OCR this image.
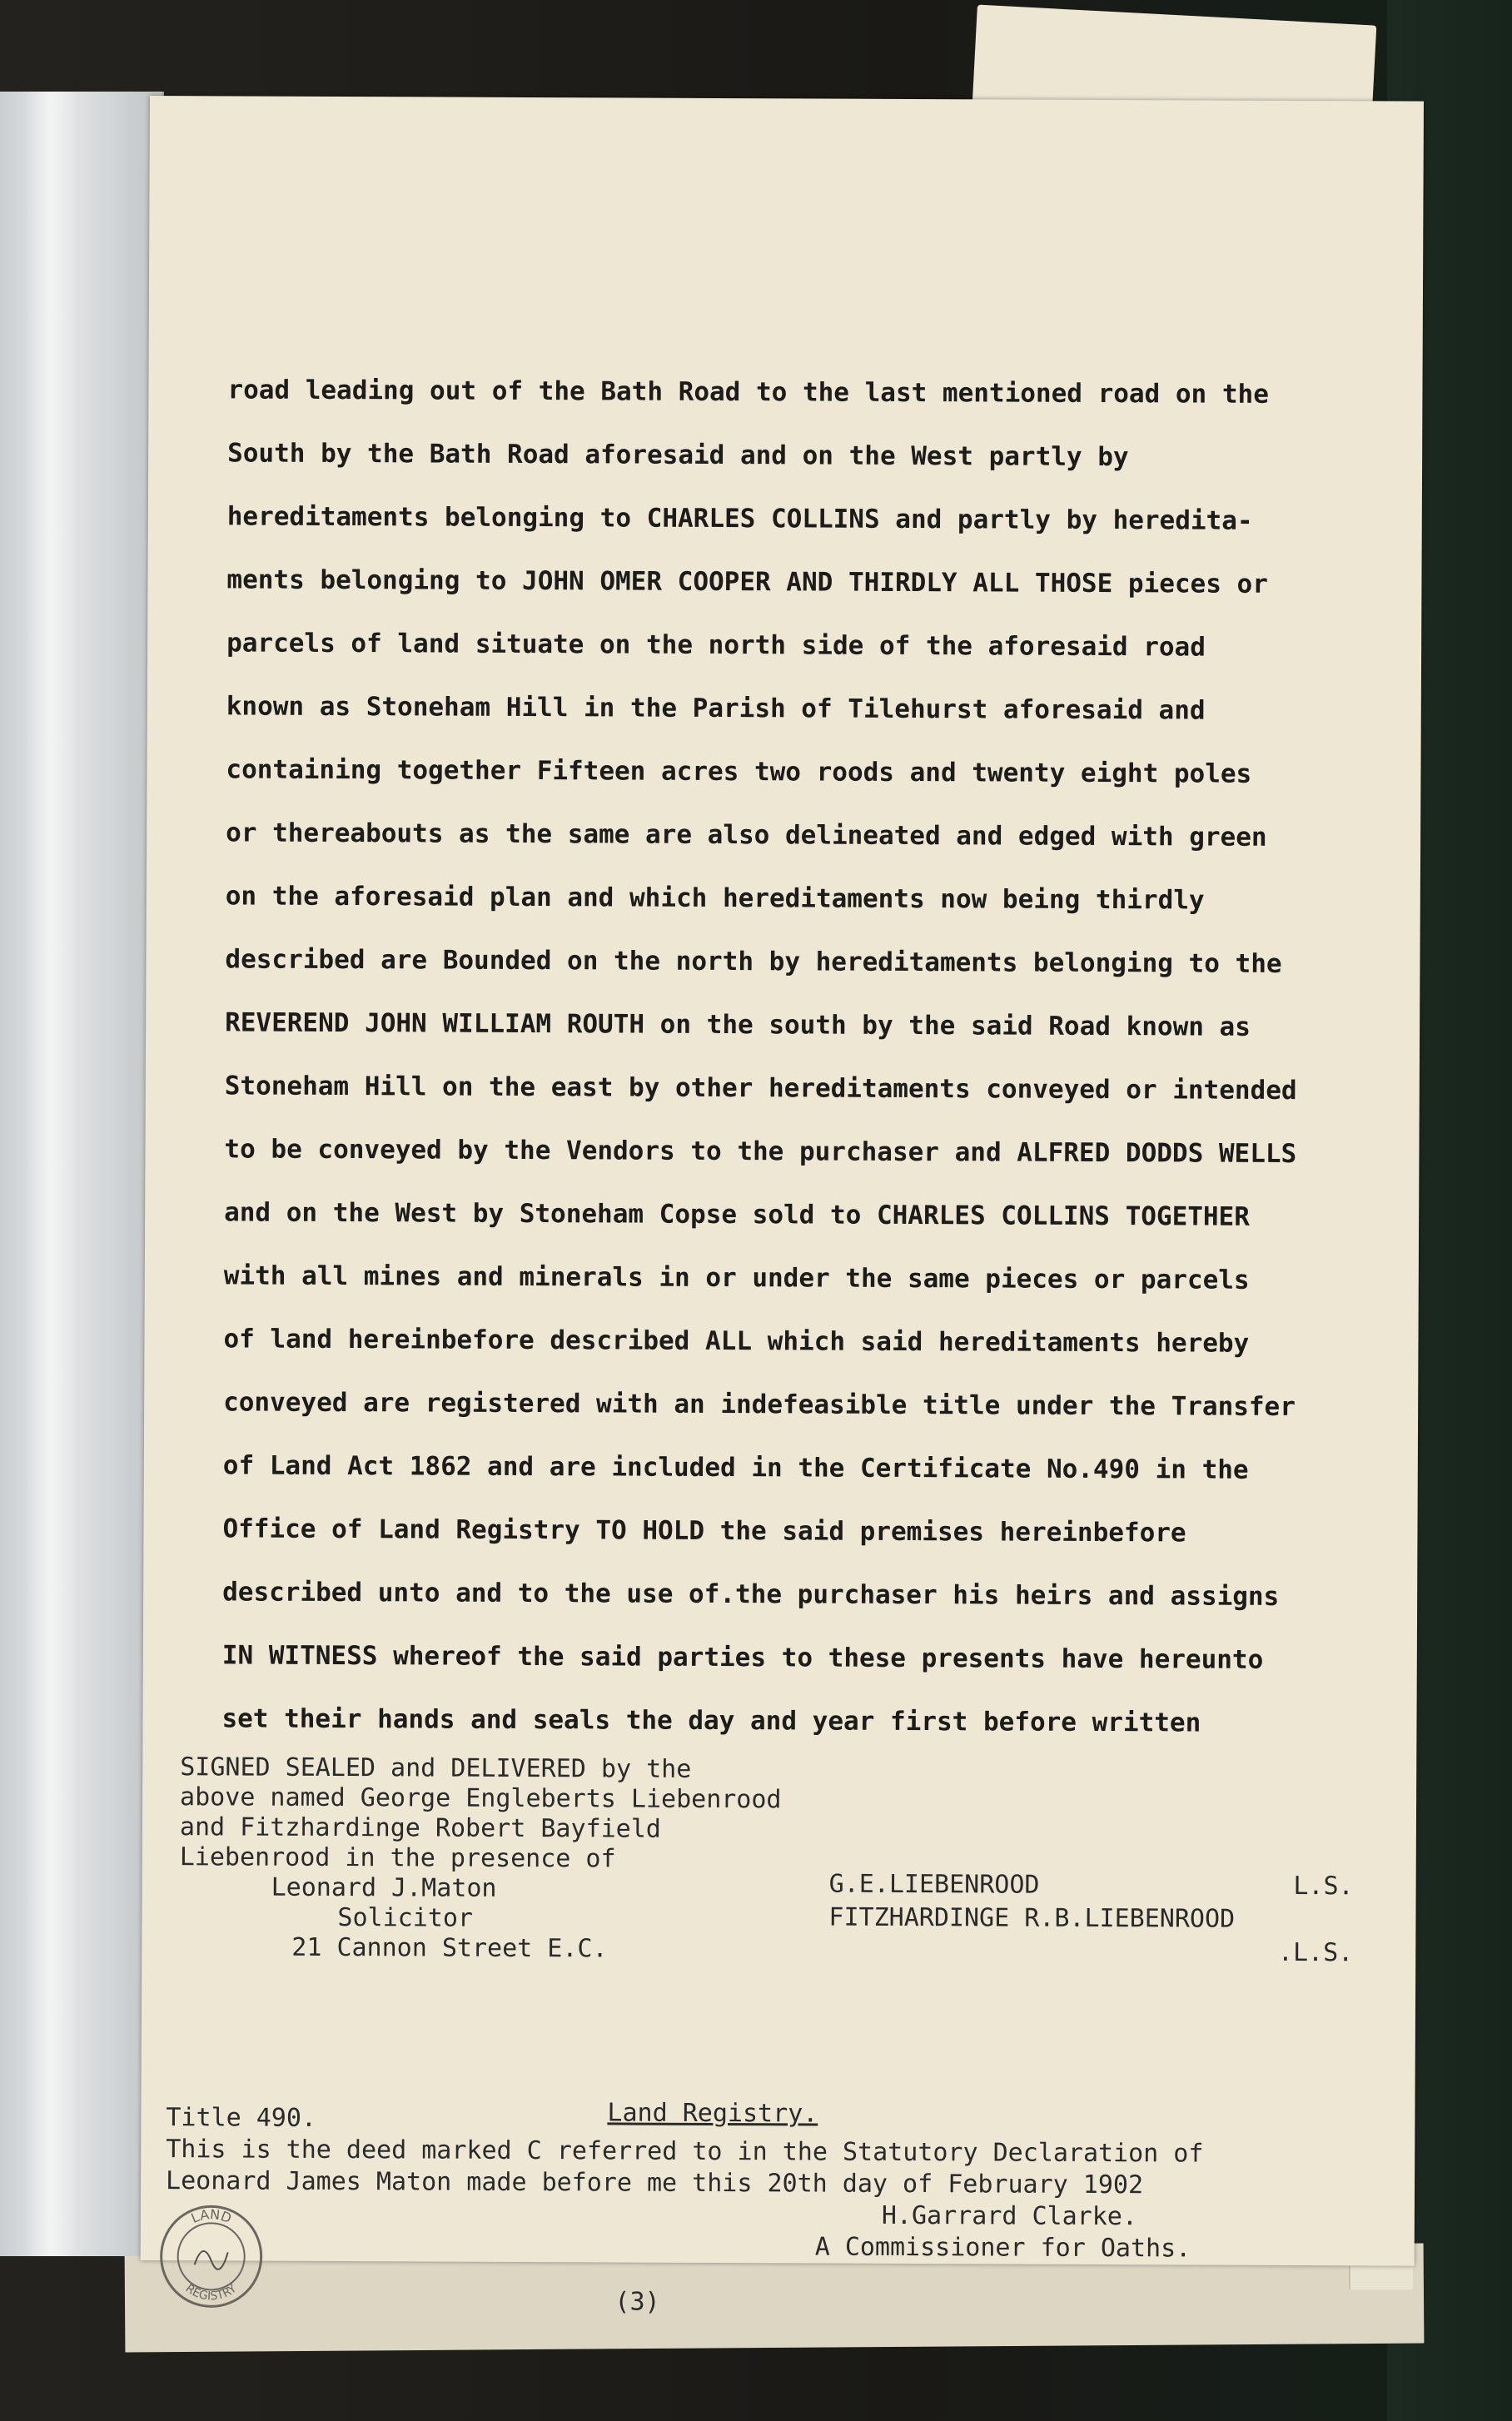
road leading out of the Bath Road to the last mentioned road on the
South by the Bath Road aforesaid and on the West partly by
hereditaments belonging to CHARLES COLLINS and partly by heredita-
ments belonging to JOHN OMER COOPER AND THIRDLY ALL THOSE pieces or
parcels of land situate on the north side of the aforesaid road
known as Stoneham Hill in the Parish of Tilehurst aforesaid and
containing together Fifteen acres two roods and twenty eight poles
or thereabouts as the same are also delineated and edged with green
on the aforesaid plan and which hereditaments now being thirdly
described are Bounded on the north by hereditaments belonging to the
REVEREND JOHN WILLIAM ROUTH on the south by the said Road known as
Stoneham Hill on the east by other hereditaments conveyed or intended
to be conveyed by the Vendors to the purchaser and ALFRED DODDS WELLS
and on the West by Stoneham Copse sold to CHARLES COLLINS TOGETHER
with all mines and minerals in or under the same pieces or parcels
of land hereinbefore described ALL which said hereditaments hereby
conveyed are registered with an indefeasible title under the Transfer
of Land Act 1862 and are included in the Certificate No.490 in the
Office of Land Registry TO HOLD the said premises hereinbefore
described unto and to the use of.the purchaser his heirs and assigns
IN WITNESS whereof the said parties to these presents have hereunto
set their hands and seals the day and year first before written
SIGNED SEALED and DELIVERED by the
above named George Engleberts Liebenrood
and Fitzhardinge Robert Bayfield
Liebenrood in the presence of
Leonard J.Maton
Solicitor
21 Cannon Street E.C.
G.E.LIEBENROOD	L.S.
FITZHARDINGE R.B.LIEBENROOD
.L.S.
Land Registry.
Title 490.
This is the deed marked C referred to in the Statutory Declaration of
Leonard James Maton made before me this 20th day of February 1902
H.Garrard Clarke.
A Commissioner for Oaths.
LAND
REGISTRY	(3)
